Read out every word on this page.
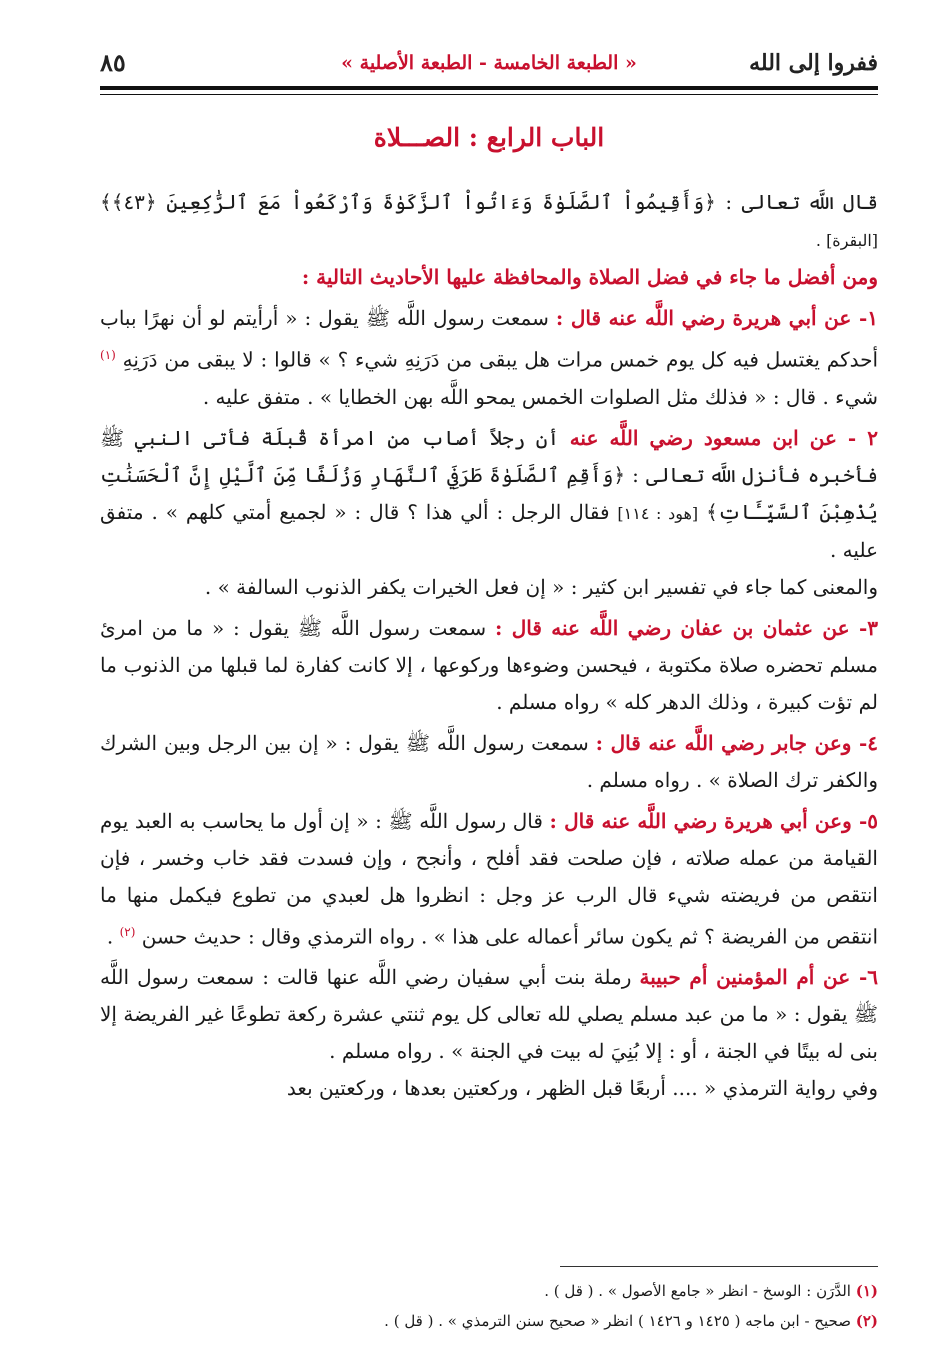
ففروا إلى الله
« الطبعة الخامسة - الطبعة الأصلية »
٨٥
الباب الرابع : الصـــلاة

قال اللَّه تعالى : ﴿وَأَقِيمُواْ ٱلصَّلَوٰةَ وَءَاتُواْ ٱلزَّكَوٰةَ وَٱرْكَعُواْ مَعَ ٱلرَّٰكِعِينَ ﴿٤٣﴾﴾ [البقرة] .

ومن أفضل ما جاء في فضل الصلاة والمحافظة عليها الأحاديث التالية :

١- عن أبي هريرة رضي اللَّه عنه قال : سمعت رسول اللَّه ﷺ يقول : « أرأيتم لو أن نهرًا بباب أحدكم يغتسل فيه كل يوم خمس مرات هل يبقى من دَرَنِهِ شيء ؟ » قالوا : لا يبقى من دَرَنِهِ $^{(١)}$ شيء . قال : « فذلك مثل الصلوات الخمس يمحو اللَّه بهن الخطايا » . متفق عليه .

٢ - عن ابن مسعود رضي اللَّه عنه أن رجلاً أصاب من امرأة قُبلَة فأتى النبي ﷺ فأخبره فأنزل اللَّه تعالى : ﴿وَأَقِمِ ٱلصَّلَوٰةَ طَرَفَيِ ٱلنَّهَارِ وَزُلَفًا مِّنَ ٱلَّيْلِ إِنَّ ٱلْحَسَنَٰتِ يُذْهِبْنَ ٱلسَّيِّـَٔاتِ﴾ [هود : ١١٤] فقال الرجل : ألي هذا ؟ قال : « لجميع أمتي كلهم » . متفق عليه .

والمعنى كما جاء في تفسير ابن كثير : « إن فعل الخيرات يكفر الذنوب السالفة » .

٣- عن عثمان بن عفان رضي اللَّه عنه قال : سمعت رسول اللَّه ﷺ يقول : « ما من امرئ مسلم تحضره صلاة مكتوبة ، فيحسن وضوءها وركوعها ، إلا كانت كفارة لما قبلها من الذنوب ما لم تؤت كبيرة ، وذلك الدهر كله » رواه مسلم .

٤- وعن جابر رضي اللَّه عنه قال : سمعت رسول اللَّه ﷺ يقول : « إن بين الرجل وبين الشرك والكفر ترك الصلاة » . رواه مسلم .

٥- وعن أبي هريرة رضي اللَّه عنه قال : قال رسول اللَّه ﷺ : « إن أول ما يحاسب به العبد يوم القيامة من عمله صلاته ، فإن صلحت فقد أفلح ، وأنجح ، وإن فسدت فقد خاب وخسر ، فإن انتقص من فريضته شيء قال الرب عز وجل : انظروا هل لعبدي من تطوع فيكمل منها ما انتقص من الفريضة ؟ ثم يكون سائر أعماله على هذا » . رواه الترمذي وقال : حديث حسن $^{(٢)}$ .

٦- عن أم المؤمنين أم حبيبة رملة بنت أبي سفيان رضي اللَّه عنها قالت : سمعت رسول اللَّه ﷺ يقول : « ما من عبد مسلم يصلي لله تعالى كل يوم ثنتي عشرة ركعة تطوعًا غير الفريضة إلا بنى له بيتًا في الجنة ، أو : إلا بُنِيَ له بيت في الجنة » . رواه مسلم .

وفي رواية الترمذي « .... أربعًا قبل الظهر ، وركعتين بعدها ، وركعتين بعد

(١) الدَّرَن : الوسخ - انظر « جامع الأصول » . ( قل ) .

(٢) صحيح - ابن ماجه ( ١٤٢٥ و ١٤٢٦ ) انظر « صحيح سنن الترمذي » . ( قل ) .
